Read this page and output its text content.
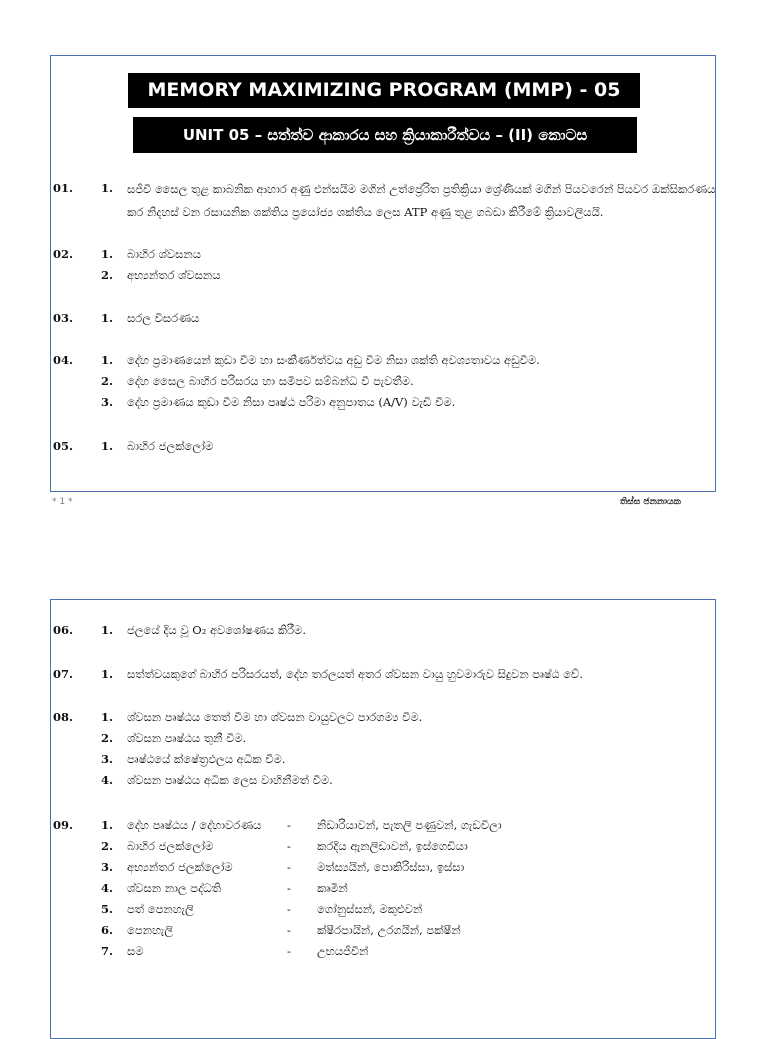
MEMORY MAXIMIZING PROGRAM (MMP) - 05
UNIT 05 – සත්ත්ව ආකාරය සහ ක්‍රියාකාරීත්වය – (II) කොටස
01.	1.	සජීවී සෛල තුළ කාබනික ආහාර අණු එන්සයිම මගින් උත්ප්‍රේරිත ප්‍රතික්‍රියා ශ්‍රේණියක් මගින් පියවරෙන් පියවර ඔක්සිකරණය කර නිදහස් වන රසායනික ශක්තිය ප්‍රයෝජ්‍ය ශක්තිය ලෙස ATP අණු තුළ ගබඩා කිරීමේ ක්‍රියාවලියයි.
02.	1.	බාහිර ශ්වසනය
2.	අභ්‍යන්තර ශ්වසනය
03.	1.	සරල විසරණය
04.	1.	දේහ ප්‍රමාණයෙන් කුඩා වීම හා සංකීර්ණත්වය අඩු වීම නිසා ශක්ති අවශ්‍යතාවය අඩුවීම.
2.	දේහ සෛල බාහිර පරිසරය හා සමීපව සම්බන්ධ වී පැවතීම.
3.	දේහ ප්‍රමාණය කුඩා වීම නිසා පෘෂ්ඨ පරිමා අනුපාතය (A/V) වැඩි වීම.
05.	1.	බාහිර ජලක්ලෝම
* 1 *	තිස්ස ජනනායක
06.	1.	ජලයේ දිය වූ O₂ අවශෝෂණය කිරීම.
07.	1.	සත්ත්වයකුගේ බාහිර පරිසරයත්, දේහ තරලයත් අතර ශ්වසන වායු හුවමාරුව සිදුවන පෘෂ්ඨ වේ.
08.	1.	ශ්වසන පෘෂ්ඨය තෙත් වීම හා ශ්වසන වායුවලට පාරගම්‍ය වීම.
2.	ශ්වසන පෘෂ්ඨය තුනී වීම.
3.	පෘෂ්ඨයේ ක්ෂේත්‍රඵලය අධික වීම.
4.	ශ්වසන පෘෂ්ඨය අධික ලෙස වාහිනීමත් වීම.
09.	1.	දේහ පෘෂ්ඨය / දේහාවරණය	-	නිඩාරියාවන්, පැතලි පණුවන්, ගැඩවිලා
2.	බාහිර ජලක්ලෝම	-	කරදිය ඇනලිඩාවන්, ඉස්ගෙඩියා
3.	අභ්‍යන්තර ජලක්ලෝම	-	මත්ස්‍යයින්, පොකිරිස්සා, ඉස්සා
4.	ශ්වසන නාල පද්ධති	-	කෘමීන්
5.	පත් පෙනහැලි	-	ගෝනුස්සන්, මකුළුවන්
6.	පෙනහැලි	-	ක්ෂීරපායින්, උරගයින්, පක්ෂීන්
7.	සම	-	උභයජීවීන්
